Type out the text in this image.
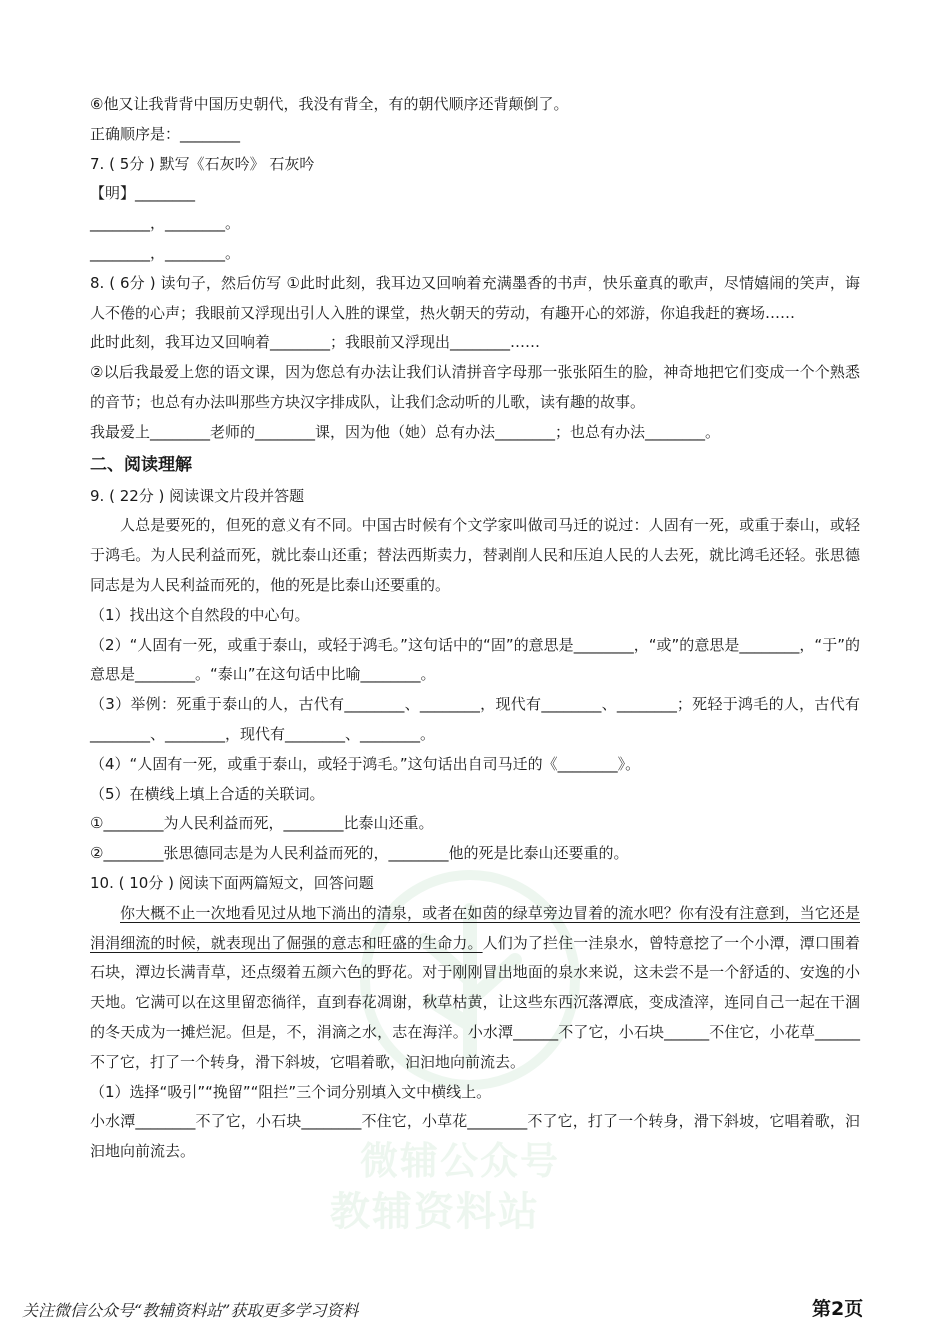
微辅公众号
教辅资料站
⑥他又让我背背中国历史朝代，我没有背全，有的朝代顺序还背颠倒了。
正确顺序是：________
7. ( 5分 ) 默写《石灰吟》 石灰吟
【明】________
________，________。
________，________。
8. ( 6分 ) 读句子，然后仿写 ①此时此刻，我耳边又回响着充满墨香的书声，快乐童真的歌声，尽情嬉闹的笑声，诲人不倦的心声；我眼前又浮现出引人入胜的课堂，热火朝天的劳动，有趣开心的郊游，你追我赶的赛场……
此时此刻，我耳边又回响着________；我眼前又浮现出________……
②以后我最爱上您的语文课，因为您总有办法让我们认清拼音字母那一张张陌生的脸，神奇地把它们变成一个个熟悉的音节；也总有办法叫那些方块汉字排成队，让我们念动听的儿歌，读有趣的故事。
我最爱上________老师的________课，因为他（她）总有办法________；也总有办法________。
二、阅读理解
9. ( 22分 ) 阅读课文片段并答题
人总是要死的，但死的意义有不同。中国古时候有个文学家叫做司马迁的说过：人固有一死，或重于泰山，或轻于鸿毛。为人民利益而死，就比泰山还重；替法西斯卖力，替剥削人民和压迫人民的人去死，就比鸿毛还轻。张思德同志是为人民利益而死的，他的死是比泰山还要重的。
（1）找出这个自然段的中心句。
（2）“人固有一死，或重于泰山，或轻于鸿毛。”这句话中的“固”的意思是________，“或”的意思是________，“于”的意思是________。“泰山”在这句话中比喻________。
（3）举例：死重于泰山的人，古代有________、________，现代有________、________；死轻于鸿毛的人，古代有________、________，现代有________、________。
（4）“人固有一死，或重于泰山，或轻于鸿毛。”这句话出自司马迁的《________》。
（5）在横线上填上合适的关联词。
①________为人民利益而死，________比泰山还重。
②________张思德同志是为人民利益而死的，________他的死是比泰山还要重的。
10. ( 10分 ) 阅读下面两篇短文，回答问题
你大概不止一次地看见过从地下淌出的清泉，或者在如茵的绿草旁边冒着的流水吧？你有没有注意到，当它还是涓涓细流的时候，就表现出了倔强的意志和旺盛的生命力。人们为了拦住一洼泉水，曾特意挖了一个小潭，潭口围着石块，潭边长满青草，还点缀着五颜六色的野花。对于刚刚冒出地面的泉水来说，这未尝不是一个舒适的、安逸的小天地。它满可以在这里留恋徜徉，直到春花凋谢，秋草枯黄，让这些东西沉落潭底，变成渣滓，连同自己一起在干涸的冬天成为一摊烂泥。但是，不，涓滴之水，志在海洋。小水潭______不了它，小石块______不住它，小花草______不了它，打了一个转身，滑下斜坡，它唱着歌，汩汩地向前流去。
（1）选择“吸引”“挽留”“阻拦”三个词分别填入文中横线上。
小水潭________不了它，小石块________不住它，小草花________不了它，打了一个转身，滑下斜坡，它唱着歌，汩汩地向前流去。
关注微信公众号“教辅资料站”获取更多学习资料	第2页
